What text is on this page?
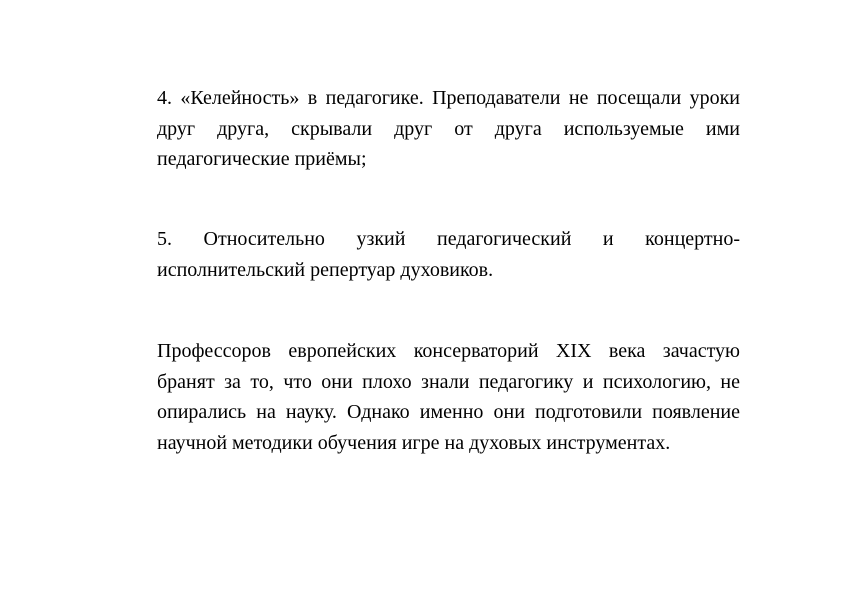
4. «Келейность» в педагогике. Преподаватели не посещали уроки друг друга, скрывали друг от друга используемые ими педагогические приёмы;

5. Относительно узкий педагогический и концертно-исполнительский репертуар духовиков.

Профессоров европейских консерваторий XIX века зачастую бранят за то, что они плохо знали педагогику и психологию, не опирались на науку. Однако именно они подготовили появление научной методики обучения игре на духовых инструментах.
